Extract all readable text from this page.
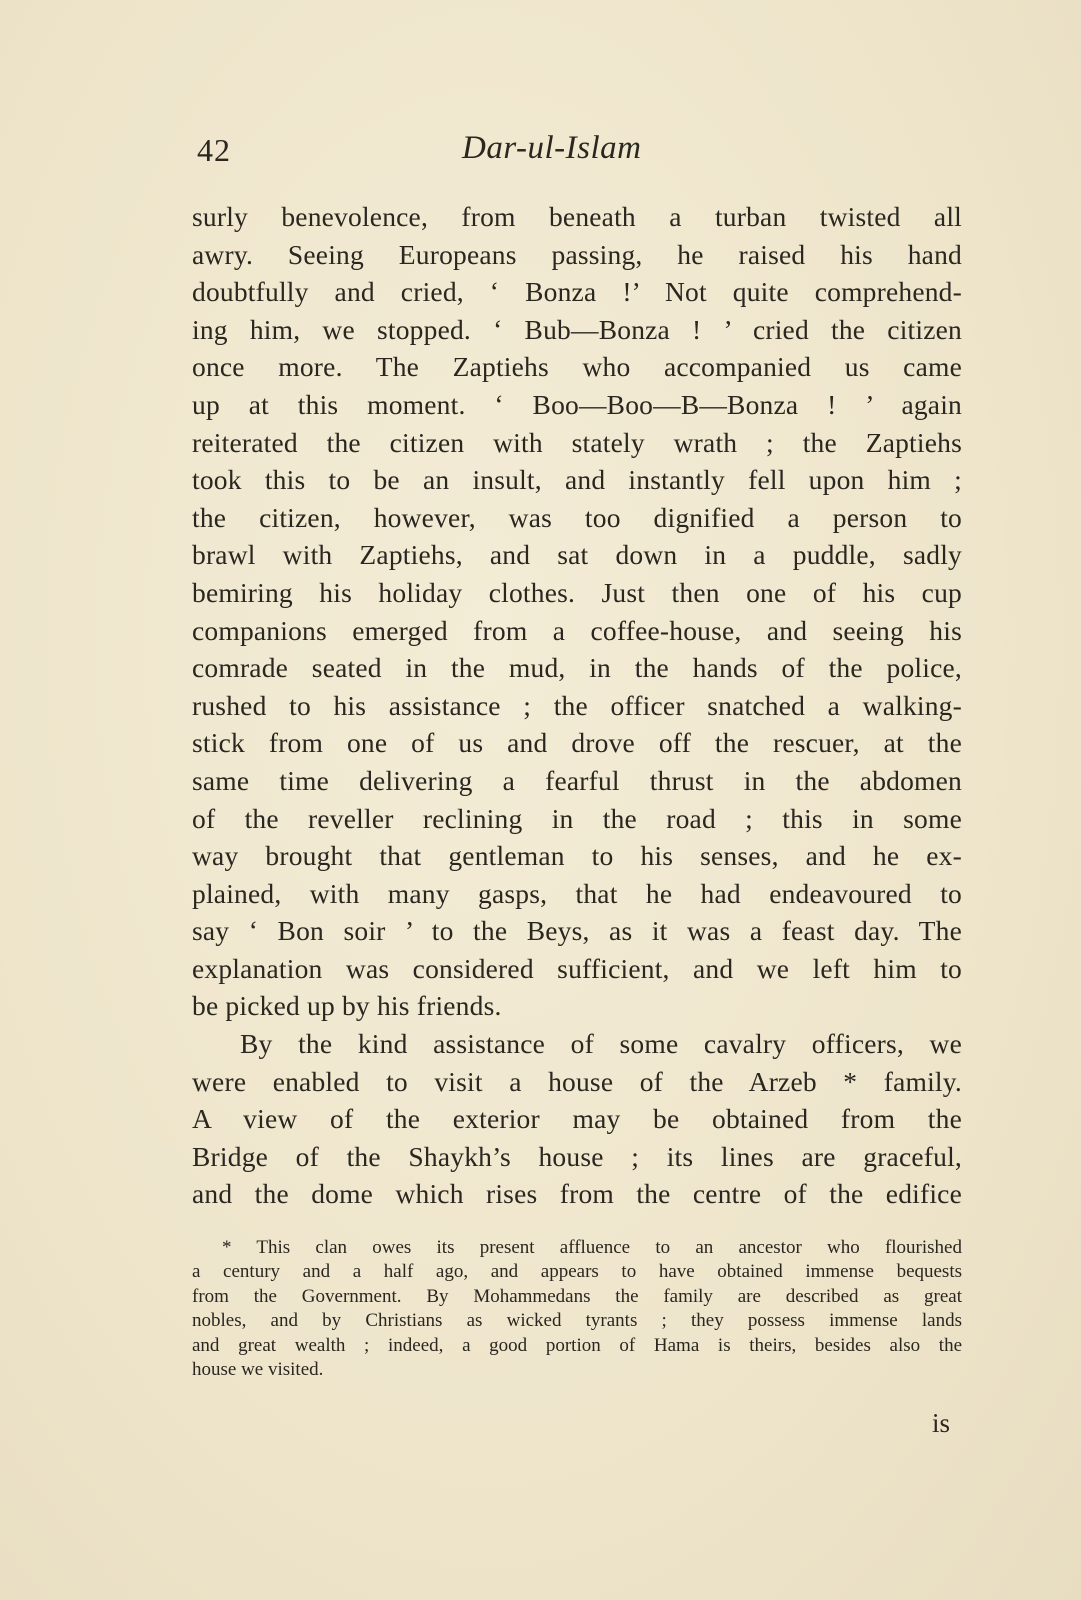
42	Dar-ul-Islam
surly benevolence, from beneath a turban twisted all
awry. Seeing Europeans passing, he raised his hand
doubtfully and cried, ‘ Bonza !’ Not quite comprehend-
ing him, we stopped. ‘ Bub—Bonza ! ’ cried the citizen
once more. The Zaptiehs who accompanied us came
up at this moment. ‘ Boo—Boo—B—Bonza ! ’ again
reiterated the citizen with stately wrath ; the Zaptiehs
took this to be an insult, and instantly fell upon him ;
the citizen, however, was too dignified a person to
brawl with Zaptiehs, and sat down in a puddle, sadly
bemiring his holiday clothes. Just then one of his cup
companions emerged from a coffee-house, and seeing his
comrade seated in the mud, in the hands of the police,
rushed to his assistance ; the officer snatched a walking-
stick from one of us and drove off the rescuer, at the
same time delivering a fearful thrust in the abdomen
of the reveller reclining in the road ; this in some
way brought that gentleman to his senses, and he ex-
plained, with many gasps, that he had endeavoured to
say ‘ Bon soir ’ to the Beys, as it was a feast day. The
explanation was considered sufficient, and we left him to
be picked up by his friends.
By the kind assistance of some cavalry officers, we
were enabled to visit a house of the Arzeb * family.
A view of the exterior may be obtained from the
Bridge of the Shaykh’s house ; its lines are graceful,
and the dome which rises from the centre of the edifice
* This clan owes its present affluence to an ancestor who flourished
a century and a half ago, and appears to have obtained immense bequests
from the Government. By Mohammedans the family are described as great
nobles, and by Christians as wicked tyrants ; they possess immense lands
and great wealth ; indeed, a good portion of Hama is theirs, besides also the
house we visited.
is
